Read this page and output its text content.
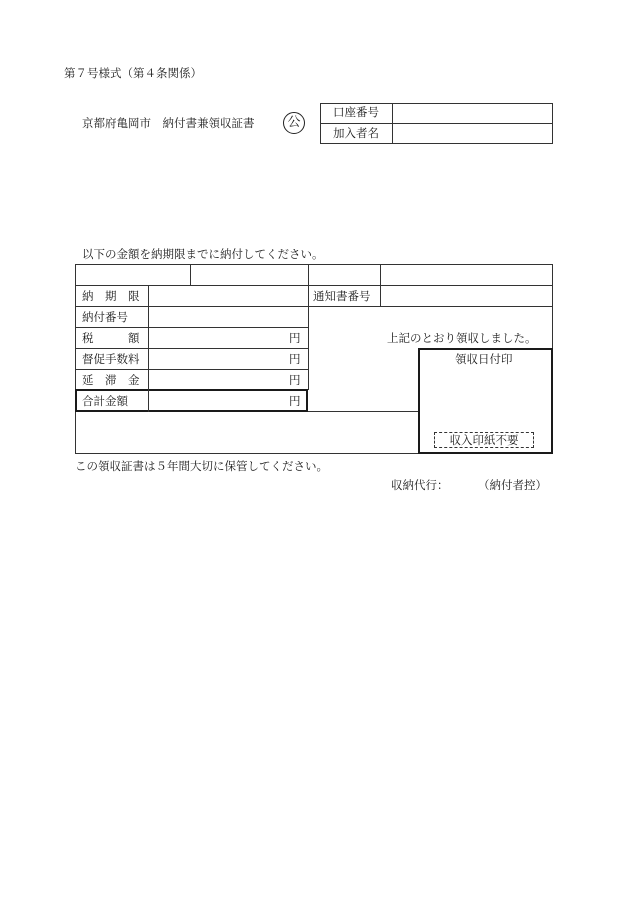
第７号様式（第４条関係）
京都府亀岡市　納付書兼領収証書	公
口座番号
加入者名
以下の金額を納期限までに納付してください。
納　期　限
納付番号
通知書番号
税　　　額
督促手数料
延　滞　金
合計金額
円
円
円
円
上記のとおり領収しました。
領収日付印
収入印紙不要
この領収証書は５年間大切に保管してください。
収納代行：	（納付者控）
